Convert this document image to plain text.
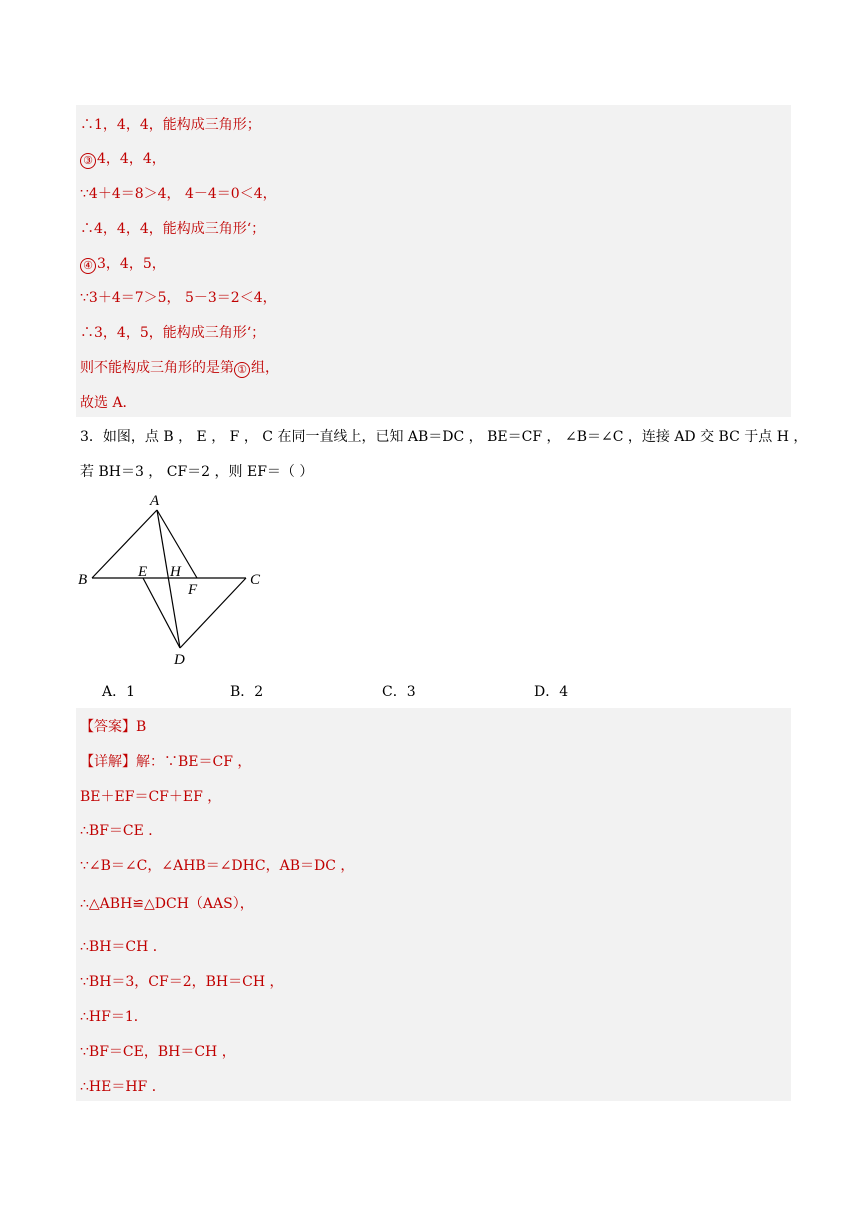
∴1，4，4，能构成三角形；
③ 4，4，4，
∵4＋4＝8＞4， 4－4＝0＜4，
∴4，4，4，能构成三角形‘；
④ 3，4，5，
∵3＋4＝7＞5， 5－3＝2＜4，
∴3，4，5，能构成三角形‘；
则不能构成三角形的是第 ① 组，
故选 A．
3．如图，点 B ， E ， F ， C 在同一直线上，已知 AB＝DC ， BE＝CF ， ∠B＝∠C ，连接 AD 交 BC 于点 H ，
若 BH＝3 ， CF＝2 ，则 EF＝（ ）
A
B	C
D
E H
F
A．1	B．2	C．3	D．4
【答案】B
【详解】解：∵BE＝CF ，
BE＋EF＝CF＋EF ，
∴BF＝CE ．
∵∠B＝∠C，∠AHB＝∠DHC，AB＝DC ，
∴△ABH≌△DCH（AAS），
∴BH＝CH ．
∵BH＝3，CF＝2，BH＝CH ，
∴HF＝1．
∵BF＝CE，BH＝CH ，
∴HE＝HF ．
